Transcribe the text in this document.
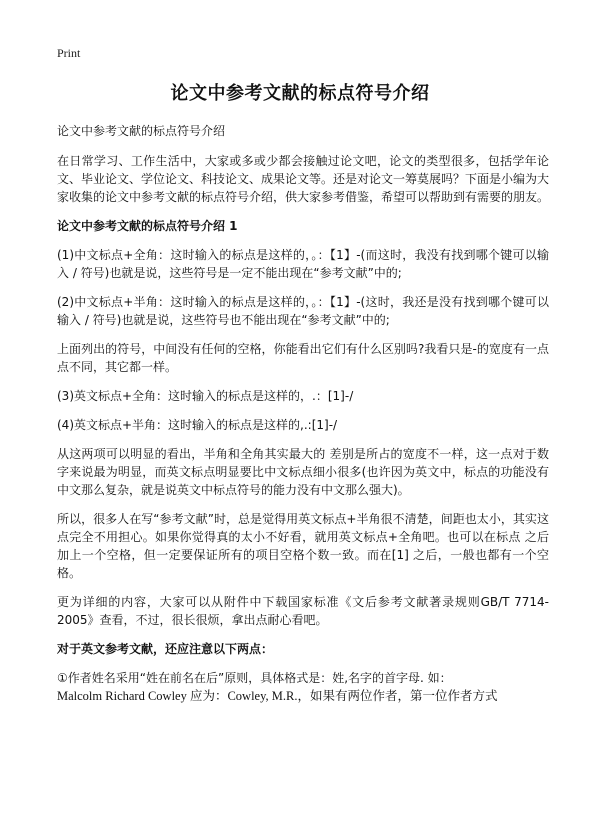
Print
论文中参考文献的标点符号介绍

论文中参考文献的标点符号介绍

在日常学习、工作生活中，大家或多或少都会接触过论文吧，论文的类型很多，包括学年论文、毕业论文、学位论文、科技论文、成果论文等。还是对论文一筹莫展吗？下面是小编为大家收集的论文中参考文献的标点符号介绍，供大家参考借鉴，希望可以帮助到有需要的朋友。

论文中参考文献的标点符号介绍 1

(1)中文标点+全角：这时输入的标点是这样的，。：【1】-(而这时，我没有找到哪个键可以输入 / 符号)也就是说，这些符号是一定不能出现在“参考文献”中的;

(2)中文标点+半角：这时输入的标点是这样的，。：【1】-(这时，我还是没有找到哪个键可以输入 / 符号)也就是说，这些符号也不能出现在“参考文献”中的;

上面列出的符号，中间没有任何的空格，你能看出它们有什么区别吗?我看只是-的宽度有一点点不同，其它都一样。

(3)英文标点+全角：这时输入的标点是这样的，.：[1]-/

(4)英文标点+半角：这时输入的标点是这样的,.:[1]-/

从这两项可以明显的看出，半角和全角其实最大的 差别是所占的宽度不一样，这一点对于数字来说最为明显，而英文标点明显要比中文标点细小很多(也许因为英文中，标点的功能没有中文那么复杂，就是说英文中标点符号的能力没有中文那么强大)。

所以，很多人在写“参考文献”时，总是觉得用英文标点+半角很不清楚，间距也太小，其实这点完全不用担心。如果你觉得真的太小不好看，就用英文标点+全角吧。也可以在标点 之后加上一个空格，但一定要保证所有的项目空格个数一致。而在[1] 之后，一般也都有一个空格。

更为详细的内容，大家可以从附件中下载国家标准《文后参考文献著录规则GB/T 7714-2005》查看，不过，很长很烦，拿出点耐心看吧。

对于英文参考文献，还应注意以下两点：

①作者姓名采用“姓在前名在后”原则，具体格式是：姓,名字的首字母. 如：
Malcolm Richard Cowley 应为：Cowley, M.R.，如果有两位作者，第一位作者方式
